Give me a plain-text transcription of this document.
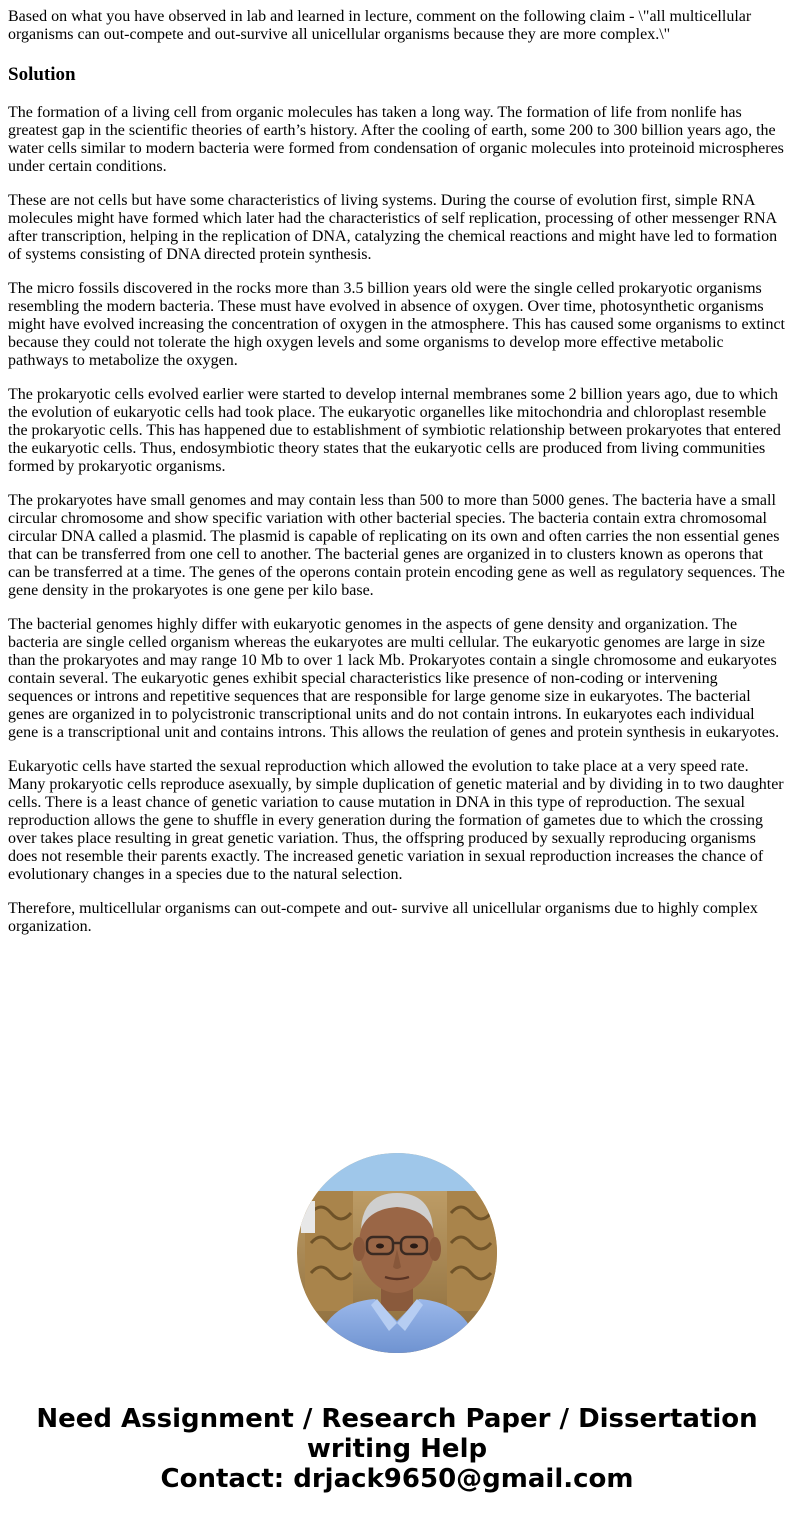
Based on what you have observed in lab and learned in lecture, comment on the following claim - \"all multicellular organisms can out-compete and out-survive all unicellular organisms because they are more complex.\"

Solution

The formation of a living cell from organic molecules has taken a long way. The formation of life from nonlife has greatest gap in the scientific theories of earth’s history. After the cooling of earth, some 200 to 300 billion years ago, the water cells similar to modern bacteria were formed from condensation of organic molecules into proteinoid microspheres under certain conditions.

These are not cells but have some characteristics of living systems. During the course of evolution first, simple RNA molecules might have formed which later had the characteristics of self replication, processing of other messenger RNA after transcription, helping in the replication of DNA, catalyzing the chemical reactions and might have led to formation of systems consisting of DNA directed protein synthesis.

The micro fossils discovered in the rocks more than 3.5 billion years old were the single celled prokaryotic organisms resembling the modern bacteria. These must have evolved in absence of oxygen. Over time, photosynthetic organisms might have evolved increasing the concentration of oxygen in the atmosphere. This has caused some organisms to extinct because they could not tolerate the high oxygen levels and some organisms to develop more effective metabolic pathways to metabolize the oxygen.

The prokaryotic cells evolved earlier were started to develop internal membranes some 2 billion years ago, due to which the evolution of eukaryotic cells had took place. The eukaryotic organelles like mitochondria and chloroplast resemble the prokaryotic cells. This has happened due to establishment of symbiotic relationship between prokaryotes that entered the eukaryotic cells. Thus, endosymbiotic theory states that the eukaryotic cells are produced from living communities formed by prokaryotic organisms.

The prokaryotes have small genomes and may contain less than 500 to more than 5000 genes. The bacteria have a small circular chromosome and show specific variation with other bacterial species. The bacteria contain extra chromosomal circular DNA called a plasmid. The plasmid is capable of replicating on its own and often carries the non essential genes that can be transferred from one cell to another. The bacterial genes are organized in to clusters known as operons that can be transferred at a time. The genes of the operons contain protein encoding gene as well as regulatory sequences. The gene density in the prokaryotes is one gene per kilo base.

The bacterial genomes highly differ with eukaryotic genomes in the aspects of gene density and organization. The bacteria are single celled organism whereas the eukaryotes are multi cellular. The eukaryotic genomes are large in size than the prokaryotes and may range 10 Mb to over 1 lack Mb. Prokaryotes contain a single chromosome and eukaryotes contain several. The eukaryotic genes exhibit special characteristics like presence of non-coding or intervening sequences or introns and repetitive sequences that are responsible for large genome size in eukaryotes. The bacterial genes are organized in to polycistronic transcriptional units and do not contain introns. In eukaryotes each individual gene is a transcriptional unit and contains introns. This allows the reulation of genes and protein synthesis in eukaryotes.

Eukaryotic cells have started the sexual reproduction which allowed the evolution to take place at a very speed rate. Many prokaryotic cells reproduce asexually, by simple duplication of genetic material and by dividing in to two daughter cells. There is a least chance of genetic variation to cause mutation in DNA in this type of reproduction. The sexual reproduction allows the gene to shuffle in every generation during the formation of gametes due to which the crossing over takes place resulting in great genetic variation. Thus, the offspring produced by sexually reproducing organisms does not resemble their parents exactly. The increased genetic variation in sexual reproduction increases the chance of evolutionary changes in a species due to the natural selection.

Therefore, multicellular organisms can out-compete and out- survive all unicellular organisms due to highly complex organization.

Need Assignment / Research Paper / Dissertation
writing Help
Contact: drjack9650@gmail.com
